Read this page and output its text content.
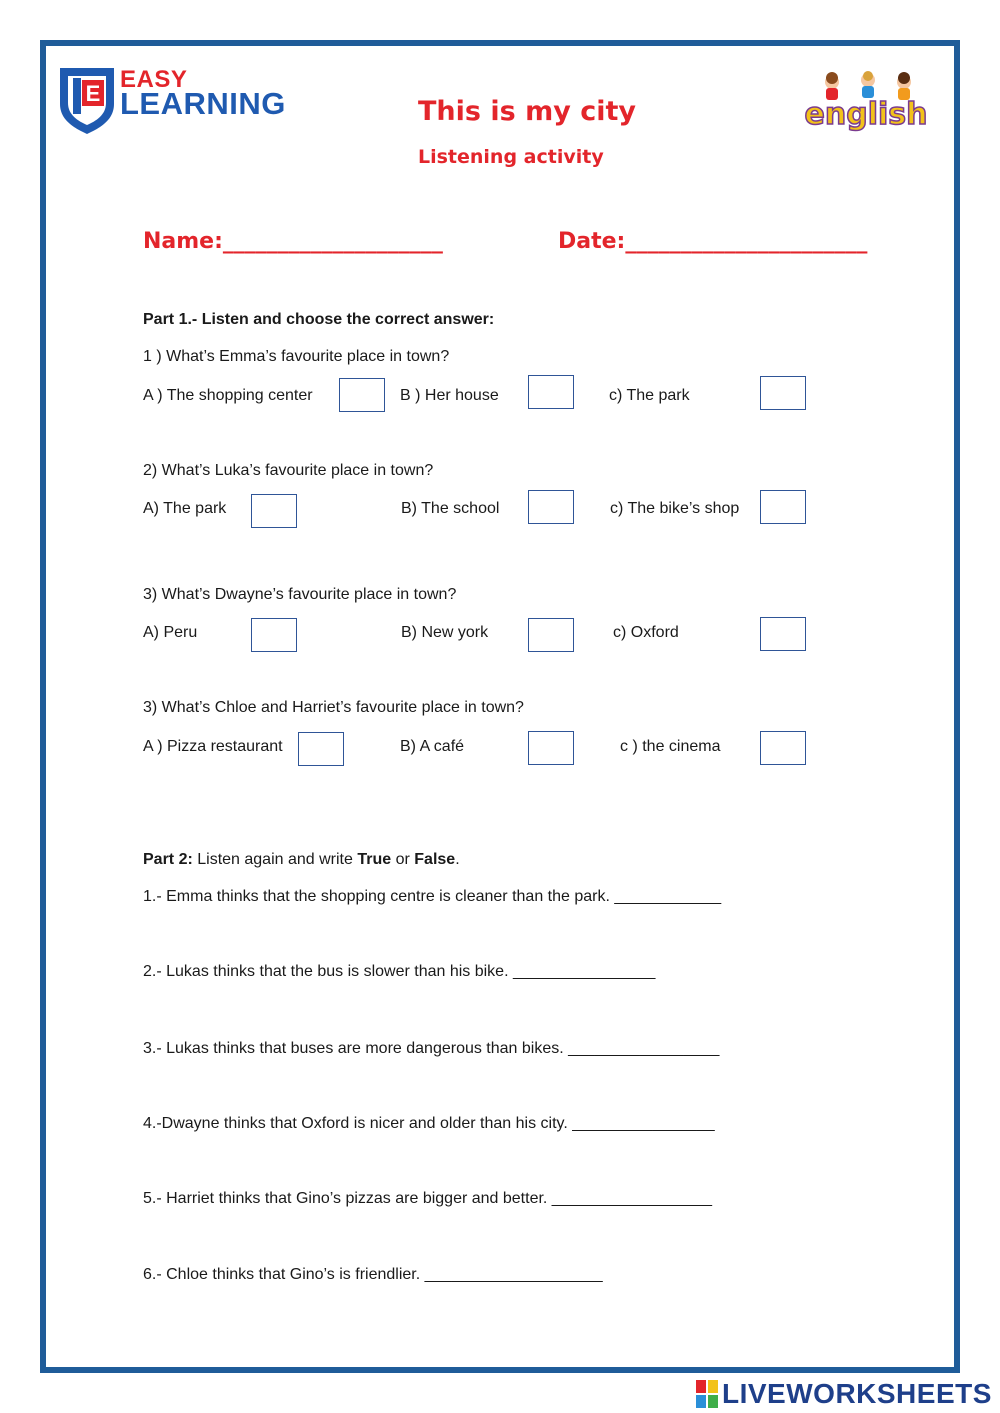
E
EASY
LEARNING	This is my city
Listening activity
english
Name:____________________	Date:______________________
Part 1.- Listen and choose the correct answer:
1 ) What’s Emma’s favourite place in town?
A ) The shopping center	B ) Her house	c) The park
2) What’s Luka’s favourite place in town?
A) The park	B) The school	c) The bike’s shop
3) What’s Dwayne’s favourite place in town?
A) Peru	B) New york	c) Oxford
3) What’s Chloe and Harriet’s favourite place in town?
A ) Pizza restaurant	B) A café	c ) the cinema
Part 2: Listen again and write True or False.
1.- Emma thinks that the shopping centre is cleaner than the park. ____________
2.- Lukas thinks that the bus is slower than his bike. ________________
3.- Lukas thinks that buses are more dangerous than bikes. _________________
4.-Dwayne thinks that Oxford is nicer and older than his city. ________________
5.- Harriet thinks that Gino’s pizzas are bigger and better. __________________
6.- Chloe thinks that Gino’s is friendlier. ____________________
LIVEWORKSHEETS
